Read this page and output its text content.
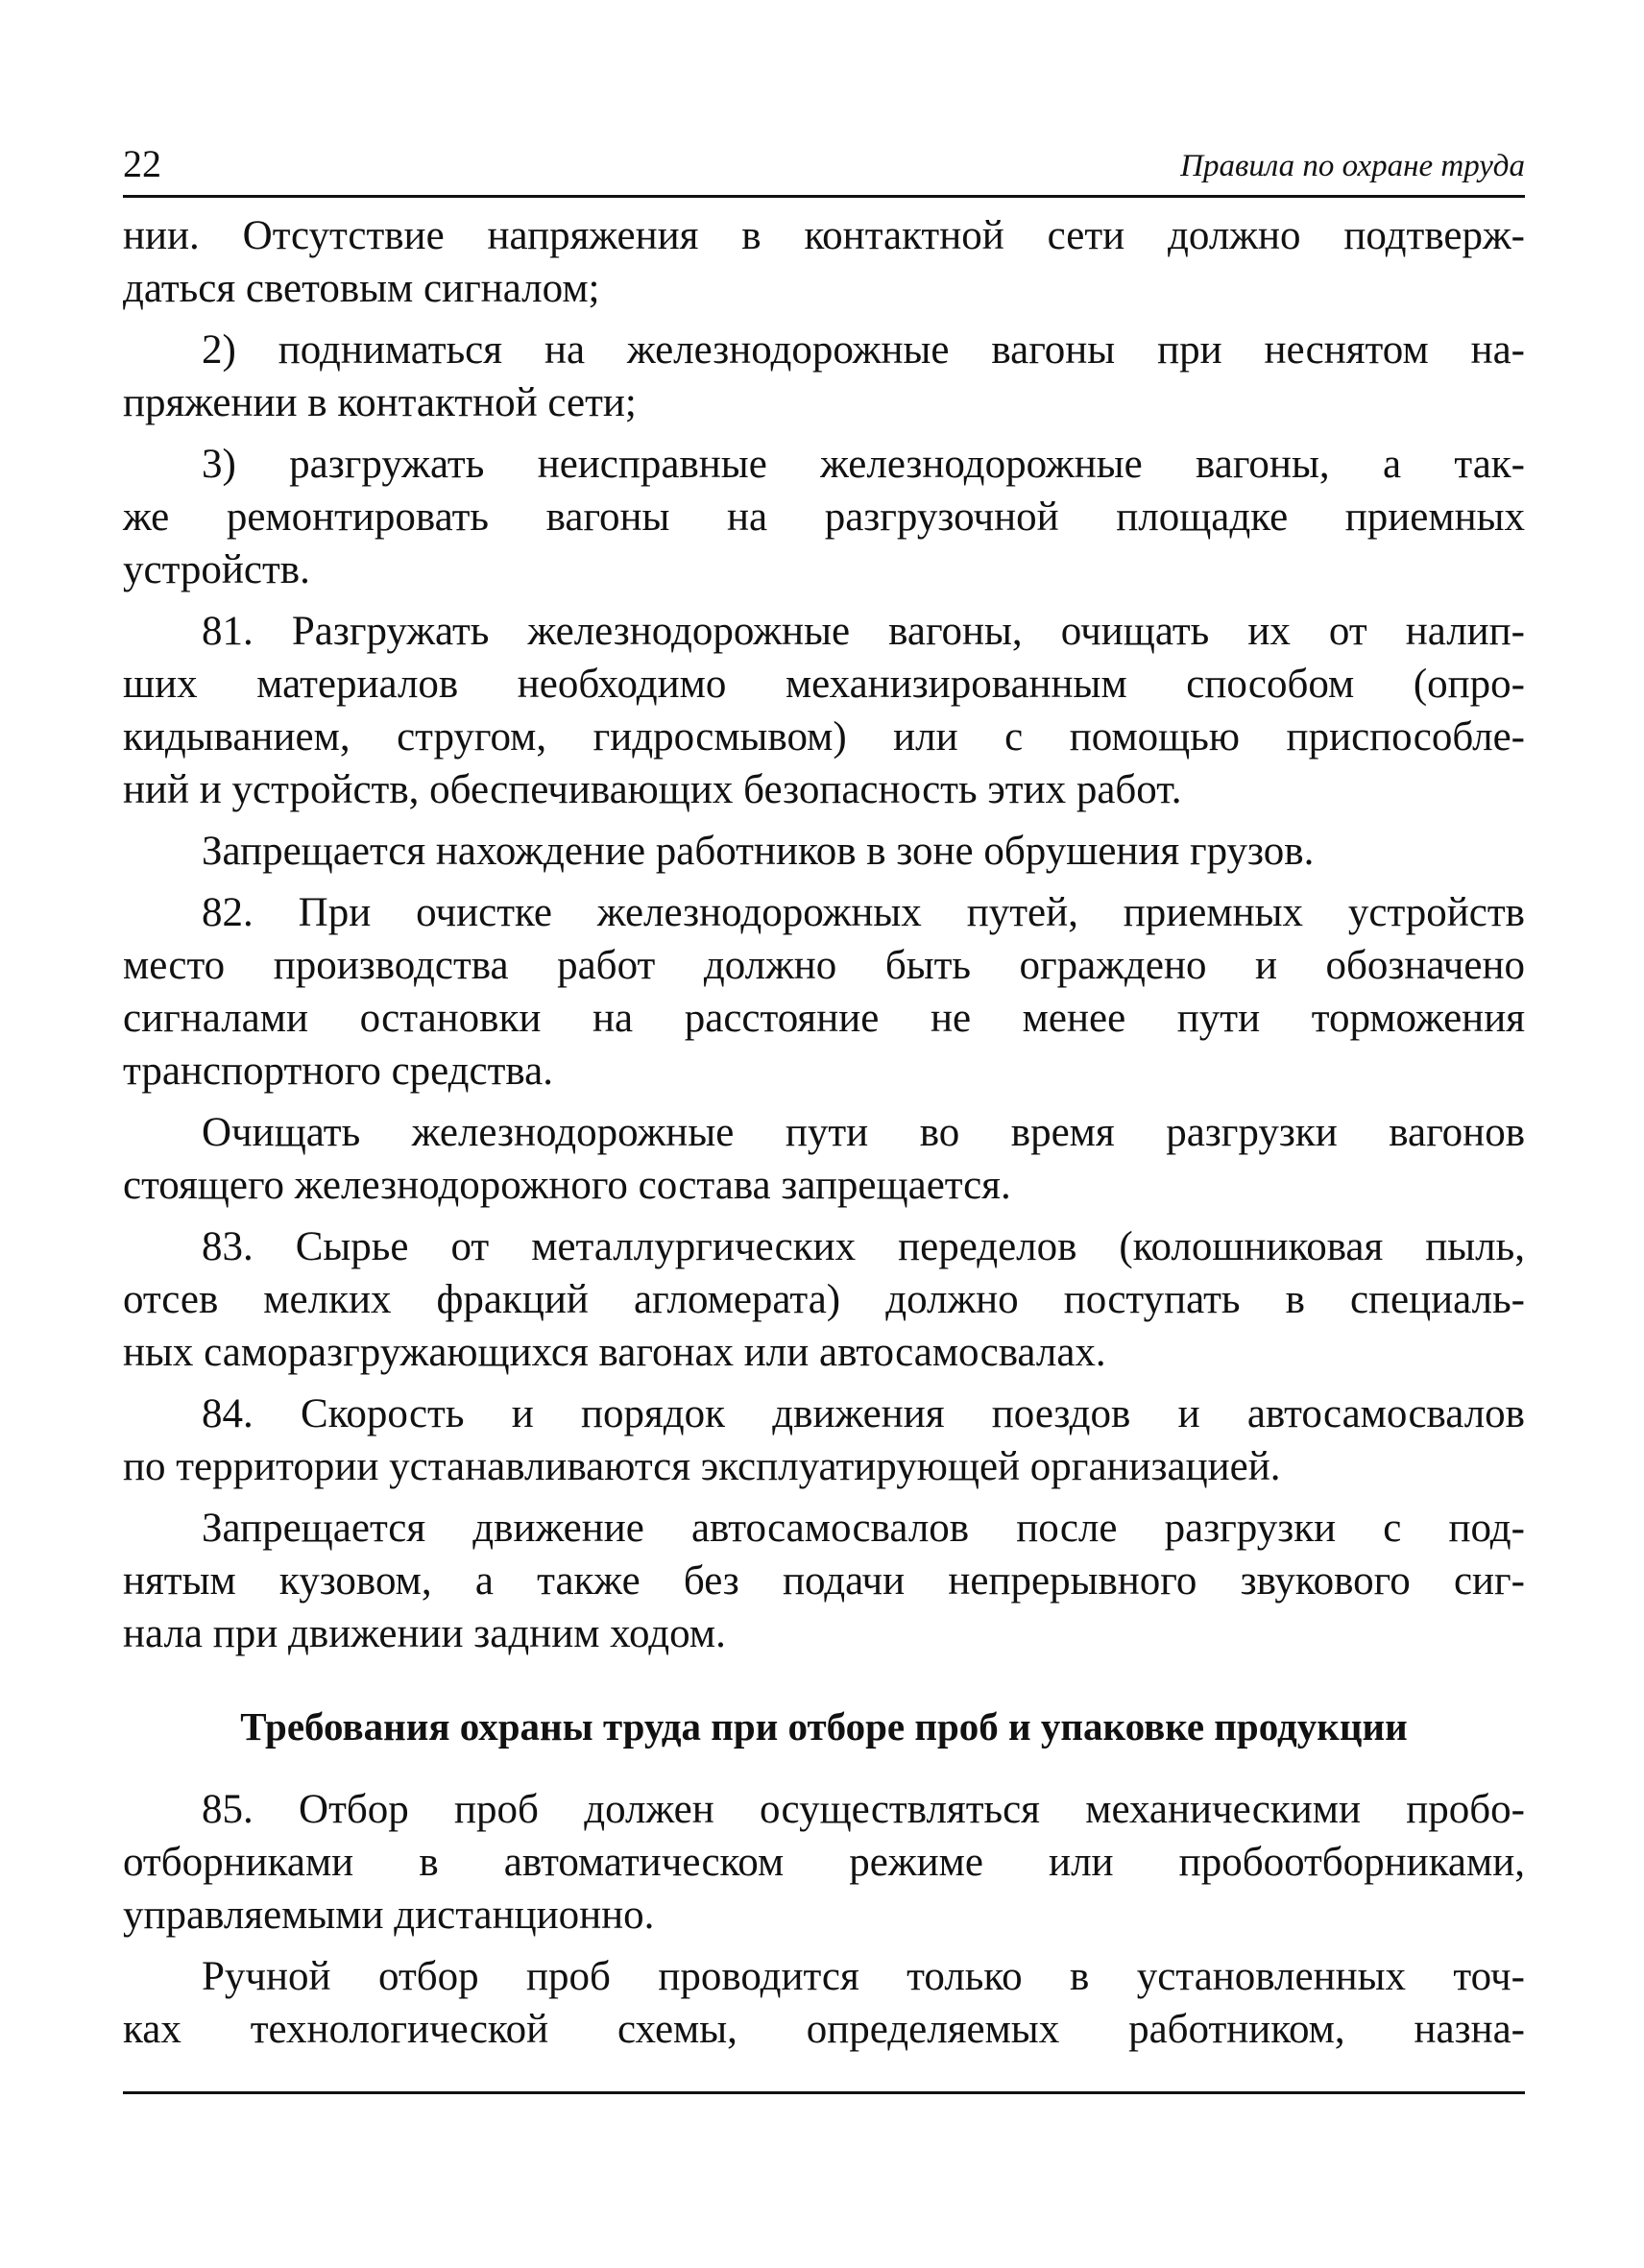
22	Правила по охране труда
нии. Отсутствие напряжения в контактной сети должно подтверж-
даться световым сигналом;
2) подниматься на железнодорожные вагоны при неснятом на-
пряжении в контактной сети;
3) разгружать неисправные железнодорожные вагоны, а так-
же ремонтировать вагоны на разгрузочной площадке приемных
устройств.
81. Разгружать железнодорожные вагоны, очищать их от налип-
ших материалов необходимо механизированным способом (опро-
кидыванием, стругом, гидросмывом) или с помощью приспособле-
ний и устройств, обеспечивающих безопасность этих работ.
Запрещается нахождение работников в зоне обрушения грузов.
82. При очистке железнодорожных путей, приемных устройств
место производства работ должно быть ограждено и обозначено
сигналами остановки на расстояние не менее пути торможения
транспортного средства.
Очищать железнодорожные пути во время разгрузки вагонов
стоящего железнодорожного состава запрещается.
83. Сырье от металлургических переделов (колошниковая пыль,
отсев мелких фракций агломерата) должно поступать в специаль-
ных саморазгружающихся вагонах или автосамосвалах.
84. Скорость и порядок движения поездов и автосамосвалов
по территории устанавливаются эксплуатирующей организацией.
Запрещается движение автосамосвалов после разгрузки с под-
нятым кузовом, а также без подачи непрерывного звукового сиг-
нала при движении задним ходом.
Требования охраны труда при отборе проб и упаковке продукции
85. Отбор проб должен осуществляться механическими пробо-
отборниками в автоматическом режиме или пробоотборниками,
управляемыми дистанционно.
Ручной отбор проб проводится только в установленных точ-
ках технологической схемы, определяемых работником, назна-
